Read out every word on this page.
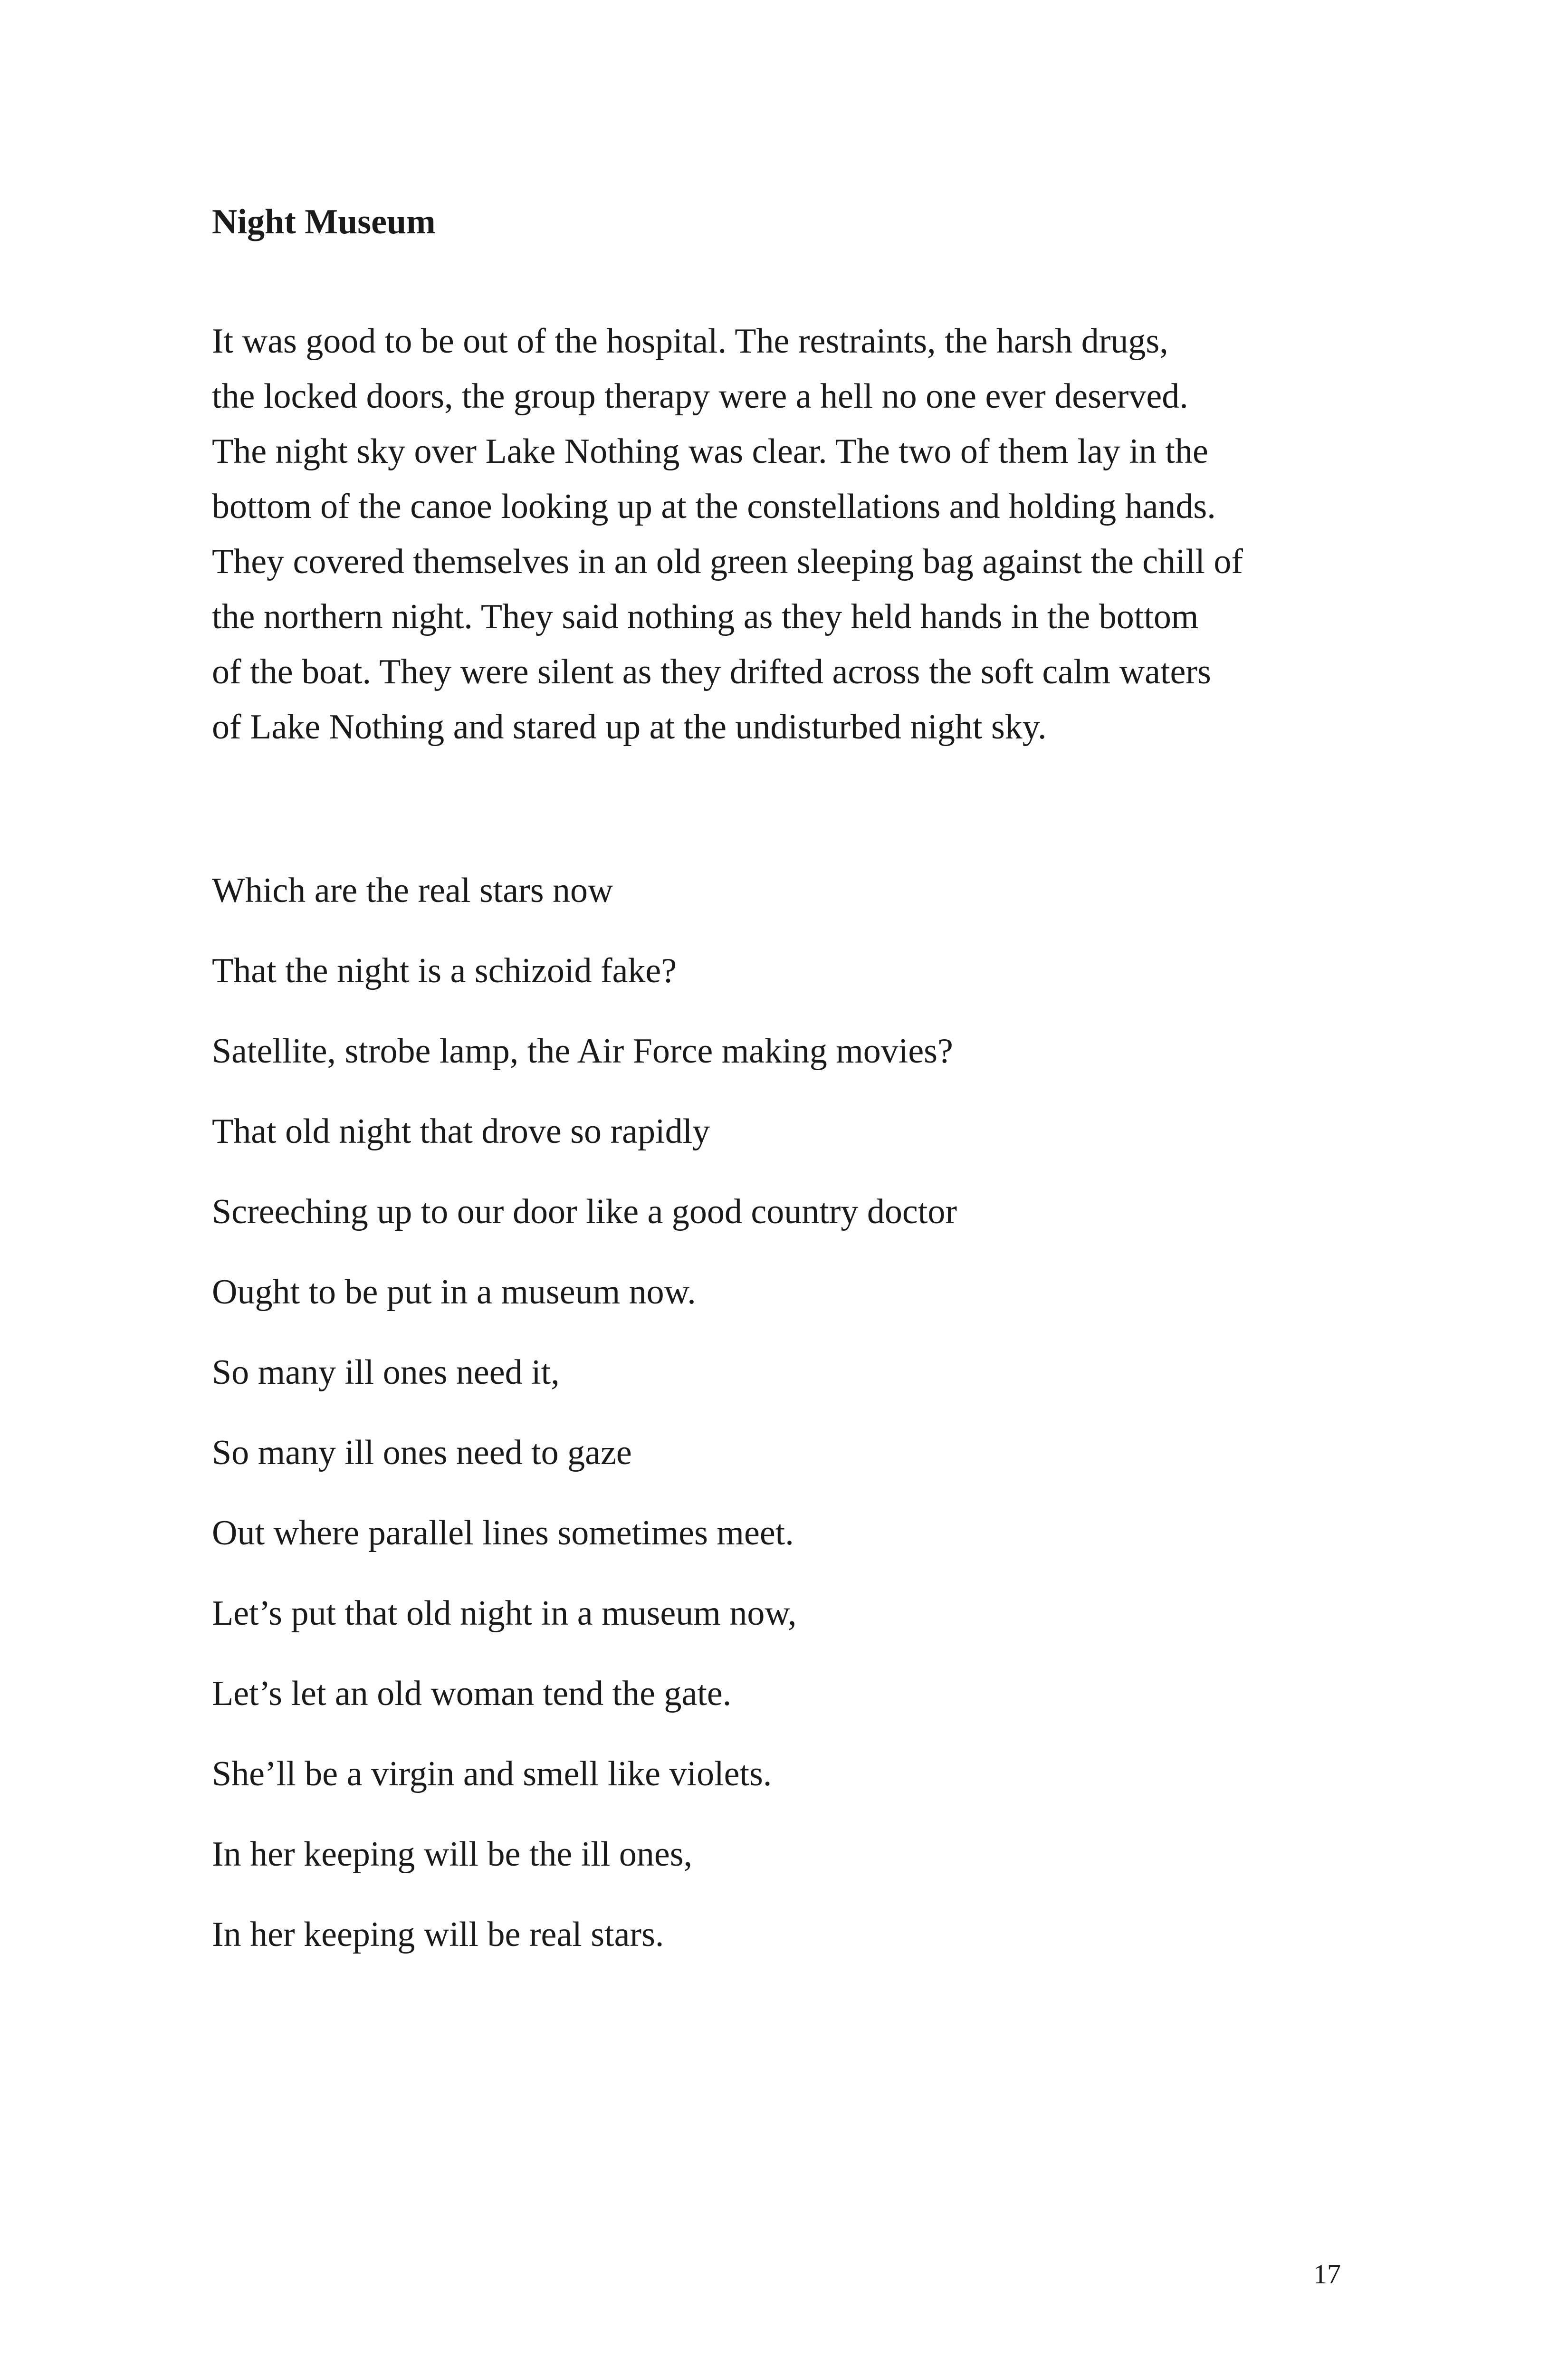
Night Museum
It was good to be out of the hospital. The restraints, the harsh drugs,
the locked doors, the group therapy were a hell no one ever deserved.
The night sky over Lake Nothing was clear. The two of them lay in the
bottom of the canoe looking up at the constellations and holding hands.
They covered themselves in an old green sleeping bag against the chill of
the northern night. They said nothing as they held hands in the bottom
of the boat. They were silent as they drifted across the soft calm waters
of Lake Nothing and stared up at the undisturbed night sky.
Which are the real stars now
That the night is a schizoid fake?
Satellite, strobe lamp, the Air Force making movies?
That old night that drove so rapidly
Screeching up to our door like a good country doctor
Ought to be put in a museum now.
So many ill ones need it,
So many ill ones need to gaze
Out where parallel lines sometimes meet.
Let’s put that old night in a museum now,
Let’s let an old woman tend the gate.
She’ll be a virgin and smell like violets.
In her keeping will be the ill ones,
In her keeping will be real stars.
17
